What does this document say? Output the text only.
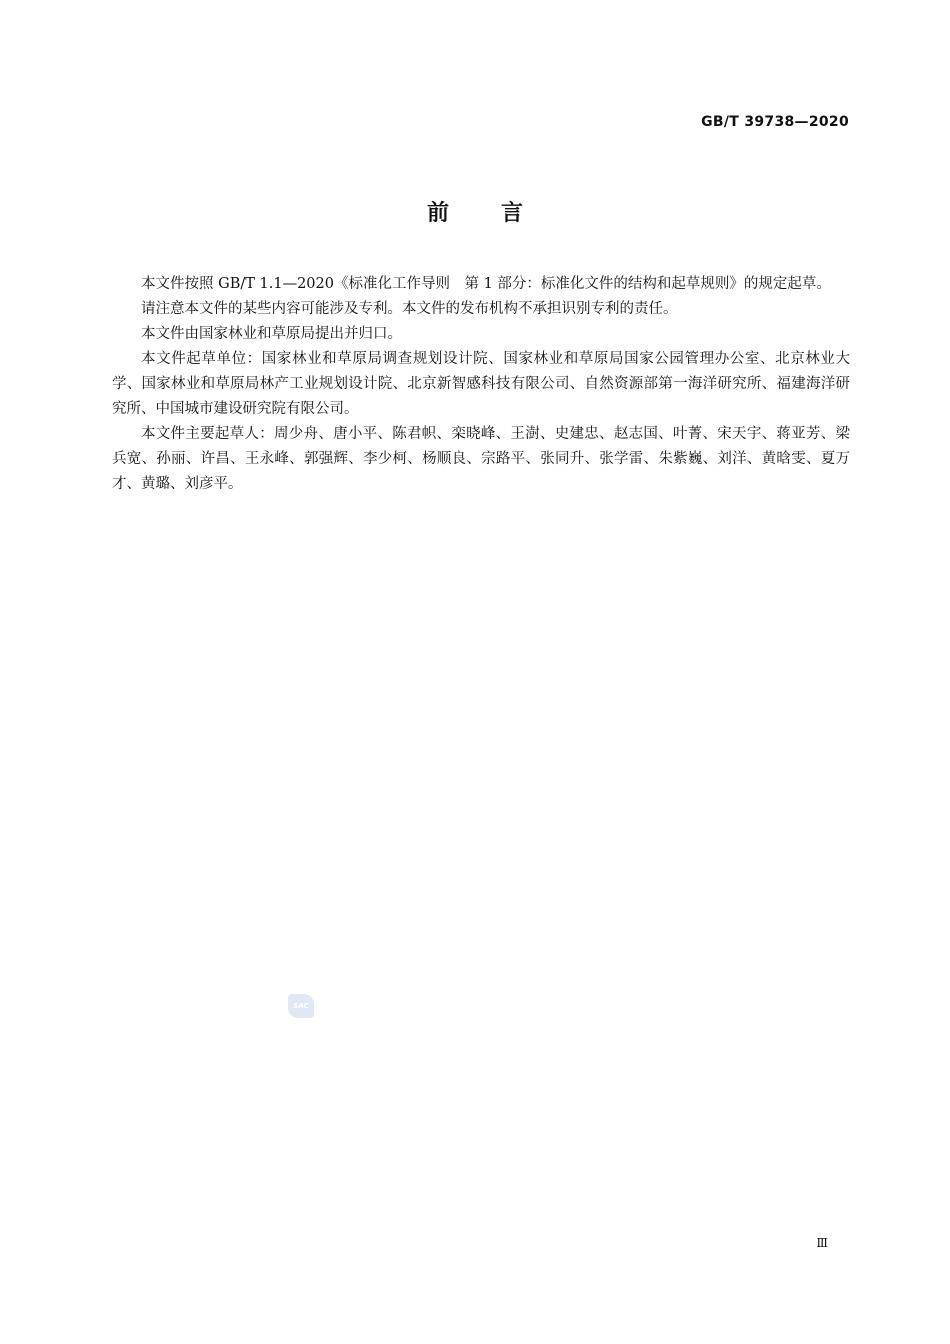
GB/T 39738—2020
前言

本文件按照 GB/T 1.1—2020《标准化工作导则　第 1 部分：标准化文件的结构和起草规则》的规定起草。

请注意本文件的某些内容可能涉及专利。本文件的发布机构不承担识别专利的责任。

本文件由国家林业和草原局提出并归口。

本文件起草单位：国家林业和草原局调查规划设计院、国家林业和草原局国家公园管理办公室、北京林业大学、国家林业和草原局林产工业规划设计院、北京新智感科技有限公司、自然资源部第一海洋研究所、福建海洋研究所、中国城市建设研究院有限公司。

本文件主要起草人：周少舟、唐小平、陈君帜、栾晓峰、王澍、史建忠、赵志国、叶菁、宋天宇、蒋亚芳、梁兵宽、孙丽、许昌、王永峰、郭强辉、李少柯、杨顺良、宗路平、张同升、张学雷、朱紫巍、刘洋、黄晗雯、夏万才、黄璐、刘彦平。

SAC
Ⅲ
